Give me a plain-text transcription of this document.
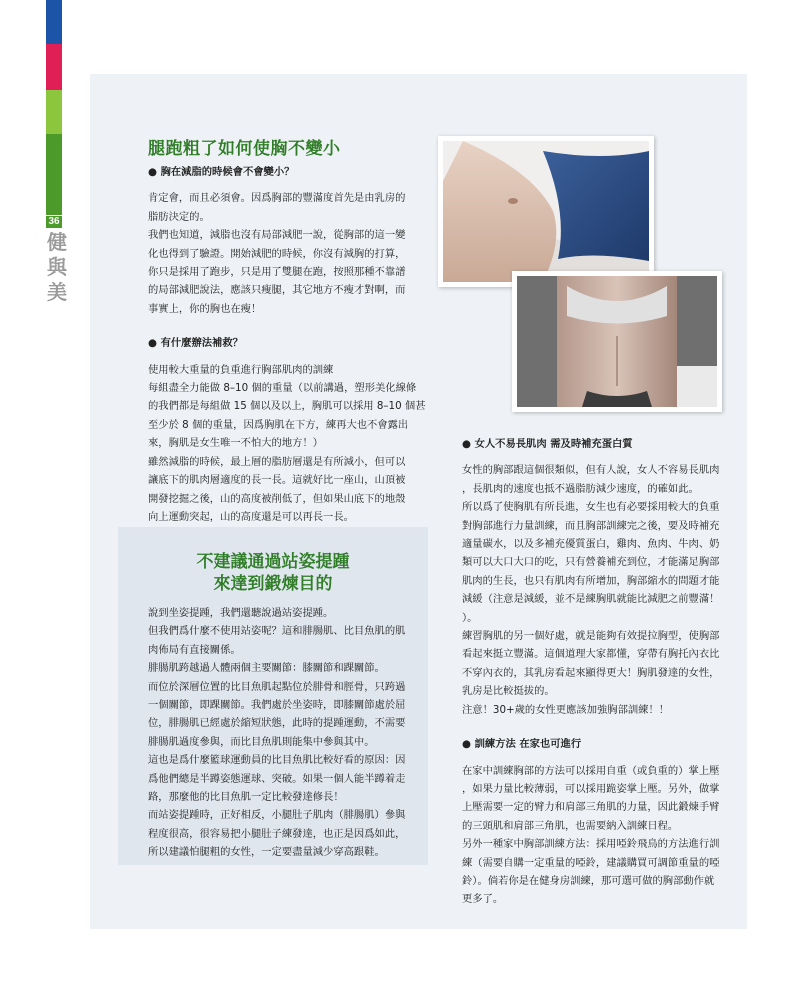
36
健
與
美
腿跑粗了如何使胸不變小

● 胸在減脂的時候會不會變小？

肯定會，而且必須會。因爲胸部的豐滿度首先是由乳房的

脂肪決定的。

我們也知道，減脂也沒有局部減肥一說，從胸部的這一變

化也得到了驗證。開始減肥的時候，你沒有減胸的打算，

你只是採用了跑步，只是用了雙腿在跑，按照那種不靠譜

的局部減肥說法，應該只瘦腿，其它地方不瘦才對啊，而

事實上，你的胸也在瘦！

● 有什麼辦法補救？

使用較大重量的負重進行胸部肌肉的訓練

每組盡全力能做 8–10 個的重量（以前講過，塑形美化線條

的我們都是每組做 15 個以及以上，胸肌可以採用 8–10 個甚

至少於 8 個的重量，因爲胸肌在下方，練再大也不會露出

來，胸肌是女生唯一不怕大的地方！）

雖然減脂的時候，最上層的脂肪層還是有所減小，但可以

讓底下的肌肉層適度的長一長。這就好比一座山，山頂被

開發挖掘之後，山的高度被削低了，但如果山底下的地殼

向上運動突起，山的高度還是可以再長一長。

● 女人不易長肌肉 需及時補充蛋白質

女性的胸部跟這個很類似，但有人說，女人不容易長肌肉

，長肌肉的速度也抵不過脂肪減少速度，的確如此。

所以爲了使胸肌有所長進，女生也有必要採用較大的負重

對胸部進行力量訓練，而且胸部訓練完之後，要及時補充

適量碳水，以及多補充優質蛋白，雞肉、魚肉、牛肉、奶

類可以大口大口的吃，只有營養補充到位，才能滿足胸部

肌肉的生長，也只有肌肉有所增加，胸部縮水的問題才能

減緩（注意是減緩，並不是練胸肌就能比減肥之前豐滿！

）。

練習胸肌的另一個好處，就是能夠有效提拉胸型，使胸部

看起來挺立豐滿。這個道理大家都懂，穿帶有胸托內衣比

不穿內衣的，其乳房看起來顯得更大！胸肌發達的女性，

乳房是比較挺拔的。

注意！30+歲的女性更應該加強胸部訓練！！

● 訓練方法 在家也可進行

在家中訓練胸部的方法可以採用自重（或負重的）掌上壓

，如果力量比較薄弱，可以採用跪姿掌上壓。另外，做掌

上壓需要一定的臂力和肩部三角肌的力量，因此鍛煉手臂

的三頭肌和肩部三角肌，也需要納入訓練日程。

另外一種家中胸部訓練方法：採用啞鈴飛鳥的方法進行訓

練（需要自購一定重量的啞鈴，建議購買可調節重量的啞

鈴）。倘若你是在健身房訓練，那可選可做的胸部動作就

更多了。

不建議通過站姿提踵
來達到鍛煉目的

說到坐姿提踵，我們還聽說過站姿提踵。

但我們爲什麼不使用站姿呢？這和腓腸肌、比目魚肌的肌

肉佈局有直接關係。

腓腸肌跨越過人體兩個主要關節：膝關節和踝關節。

而位於深層位置的比目魚肌起點位於腓骨和脛骨，只跨過

一個關節，即踝關節。我們處於坐姿時，即膝關節處於屈

位，腓腸肌已經處於縮短狀態，此時的提踵運動，不需要

腓腸肌過度參與，而比目魚肌則能集中參與其中。

這也是爲什麼籃球運動員的比目魚肌比較好看的原因：因

爲他們總是半蹲姿態運球、突破。如果一個人能半蹲着走

路，那麼他的比目魚肌一定比較發達修長！

而站姿提踵時，正好相反，小腿肚子肌肉（腓腸肌）參與

程度很高，很容易把小腿肚子練發達，也正是因爲如此，

所以建議怕腿粗的女性，一定要盡量減少穿高跟鞋。
